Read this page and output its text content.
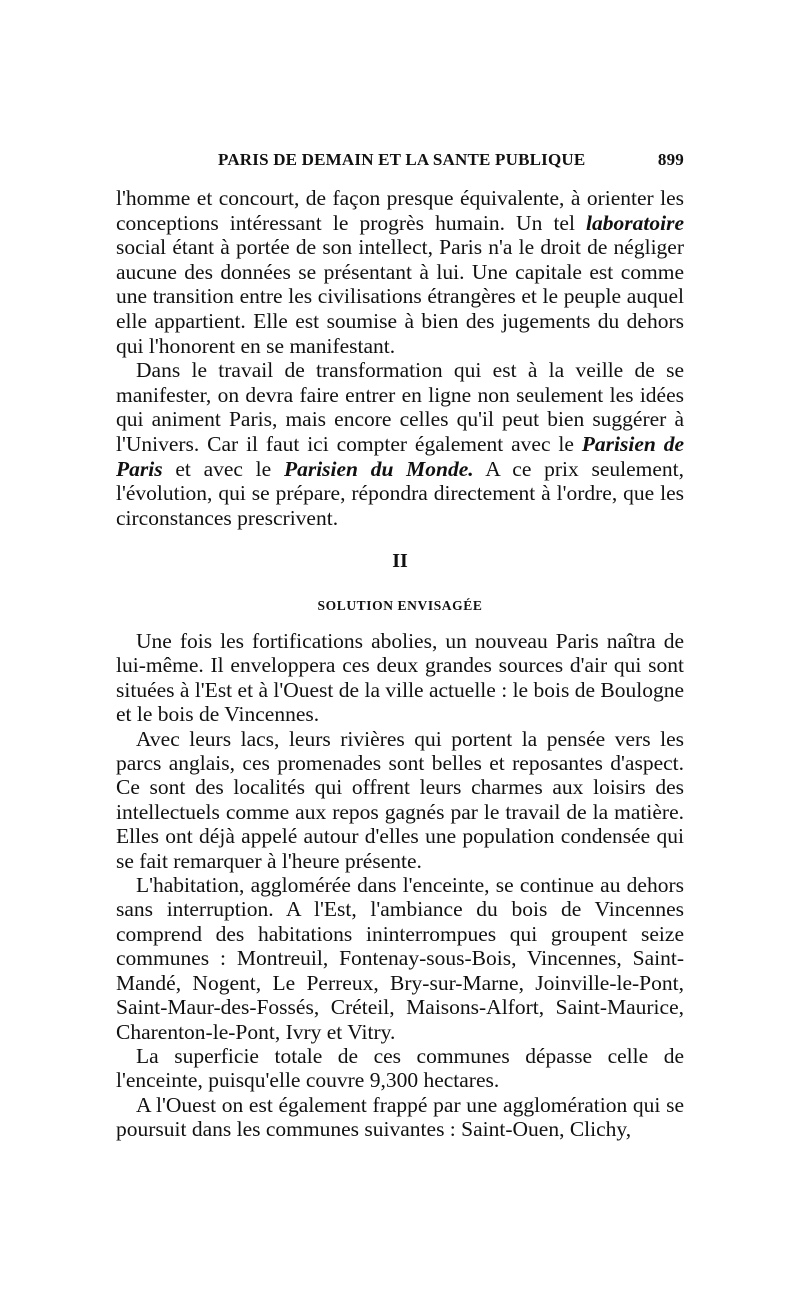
PARIS DE DEMAIN ET LA SANTE PUBLIQUE	899

l'homme et concourt, de façon presque équivalente, à orienter les conceptions intéressant le progrès humain. Un tel laboratoire social étant à portée de son intellect, Paris n'a le droit de négliger aucune des données se présentant à lui. Une capitale est comme une transition entre les civilisations étrangères et le peuple auquel elle appartient. Elle est soumise à bien des jugements du dehors qui l'honorent en se manifestant.

Dans le travail de transformation qui est à la veille de se manifester, on devra faire entrer en ligne non seulement les idées qui animent Paris, mais encore celles qu'il peut bien suggérer à l'Univers. Car il faut ici compter également avec le Parisien de Paris et avec le Parisien du Monde. A ce prix seulement, l'évolution, qui se prépare, répondra directement à l'ordre, que les circonstances prescrivent.

II
SOLUTION ENVISAGÉE

Une fois les fortifications abolies, un nouveau Paris naîtra de lui-même. Il enveloppera ces deux grandes sources d'air qui sont situées à l'Est et à l'Ouest de la ville actuelle : le bois de Boulogne et le bois de Vincennes.

Avec leurs lacs, leurs rivières qui portent la pensée vers les parcs anglais, ces promenades sont belles et reposantes d'aspect. Ce sont des localités qui offrent leurs charmes aux loisirs des intellectuels comme aux repos gagnés par le travail de la matière. Elles ont déjà appelé autour d'elles une population condensée qui se fait remarquer à l'heure présente.

L'habitation, agglomérée dans l'enceinte, se continue au dehors sans interruption. A l'Est, l'ambiance du bois de Vincennes comprend des habitations ininterrompues qui groupent seize communes : Montreuil, Fontenay-sous-Bois, Vincennes, Saint-Mandé, Nogent, Le Perreux, Bry-sur-Marne, Joinville-le-Pont, Saint-Maur-des-Fossés, Créteil, Maisons-Alfort, Saint-Maurice, Charenton-le-Pont, Ivry et Vitry.

La superficie totale de ces communes dépasse celle de l'enceinte, puisqu'elle couvre 9,300 hectares.

A l'Ouest on est également frappé par une agglomération qui se poursuit dans les communes suivantes : Saint-Ouen, Clichy,
